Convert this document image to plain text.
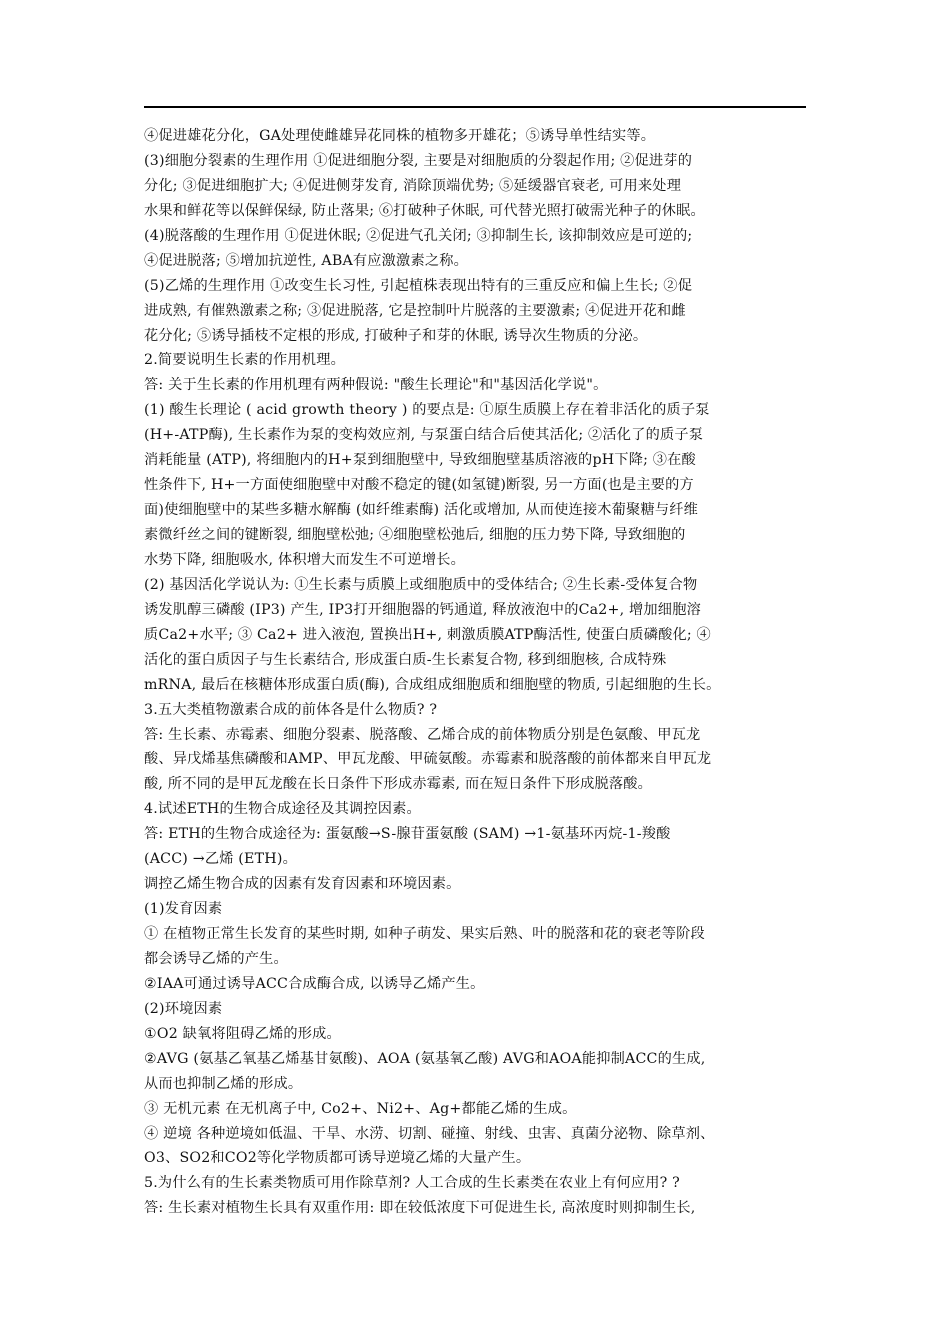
④促进雄花分化，GA处理使雌雄异花同株的植物多开雄花；⑤诱导单性结实等。
(3)细胞分裂素的生理作用 ①促进细胞分裂, 主要是对细胞质的分裂起作用; ②促进芽的
分化; ③促进细胞扩大; ④促进侧芽发育, 消除顶端优势; ⑤延缓器官衰老, 可用来处理
水果和鲜花等以保鲜保绿, 防止落果; ⑥打破种子休眠, 可代替光照打破需光种子的休眠。
(4)脱落酸的生理作用 ①促进休眠; ②促进气孔关闭; ③抑制生长, 该抑制效应是可逆的;
④促进脱落; ⑤增加抗逆性, ABA有应激激素之称。
(5)乙烯的生理作用 ①改变生长习性, 引起植株表现出特有的三重反应和偏上生长; ②促
进成熟, 有催熟激素之称; ③促进脱落, 它是控制叶片脱落的主要激素; ④促进开花和雌
花分化; ⑤诱导插枝不定根的形成, 打破种子和芽的休眠, 诱导次生物质的分泌。
2.简要说明生长素的作用机理。
答: 关于生长素的作用机理有两种假说: "酸生长理论"和"基因活化学说"。
(1) 酸生长理论 ( acid growth theory ) 的要点是: ①原生质膜上存在着非活化的质子泵
(H+-ATP酶), 生长素作为泵的变构效应剂, 与泵蛋白结合后使其活化; ②活化了的质子泵
消耗能量 (ATP), 将细胞内的H+泵到细胞壁中, 导致细胞壁基质溶液的pH下降; ③在酸
性条件下, H+一方面使细胞壁中对酸不稳定的键(如氢键)断裂, 另一方面(也是主要的方
面)使细胞壁中的某些多糖水解酶 (如纤维素酶) 活化或增加, 从而使连接木葡聚糖与纤维
素微纤丝之间的键断裂, 细胞壁松弛; ④细胞壁松弛后, 细胞的压力势下降, 导致细胞的
水势下降, 细胞吸水, 体积增大而发生不可逆增长。
(2) 基因活化学说认为: ①生长素与质膜上或细胞质中的受体结合; ②生长素-受体复合物
诱发肌醇三磷酸 (IP3) 产生, IP3打开细胞器的钙通道, 释放液泡中的Ca2+, 增加细胞溶
质Ca2+水平; ③ Ca2+ 进入液泡, 置换出H+, 刺激质膜ATP酶活性, 使蛋白质磷酸化; ④
活化的蛋白质因子与生长素结合, 形成蛋白质-生长素复合物, 移到细胞核, 合成特殊
mRNA, 最后在核糖体形成蛋白质(酶), 合成组成细胞质和细胞壁的物质, 引起细胞的生长。
3.五大类植物激素合成的前体各是什么物质? ?
答: 生长素、赤霉素、细胞分裂素、脱落酸、乙烯合成的前体物质分别是色氨酸、甲瓦龙
酸、异戊烯基焦磷酸和AMP、甲瓦龙酸、甲硫氨酸。赤霉素和脱落酸的前体都来自甲瓦龙
酸, 所不同的是甲瓦龙酸在长日条件下形成赤霉素, 而在短日条件下形成脱落酸。
4.试述ETH的生物合成途径及其调控因素。
答: ETH的生物合成途径为: 蛋氨酸→S-腺苷蛋氨酸 (SAM) →1-氨基环丙烷-1-羧酸
(ACC) →乙烯 (ETH)。
调控乙烯生物合成的因素有发育因素和环境因素。
(1)发育因素
① 在植物正常生长发育的某些时期, 如种子萌发、果实后熟、叶的脱落和花的衰老等阶段
都会诱导乙烯的产生。
②IAA可通过诱导ACC合成酶合成, 以诱导乙烯产生。
(2)环境因素
①O2 缺氧将阻碍乙烯的形成。
②AVG (氨基乙氧基乙烯基甘氨酸)、AOA (氨基氧乙酸) AVG和AOA能抑制ACC的生成,
从而也抑制乙烯的形成。
③ 无机元素 在无机离子中, Co2+、Ni2+、Ag+都能乙烯的生成。
④ 逆境 各种逆境如低温、干旱、水涝、切割、碰撞、射线、虫害、真菌分泌物、除草剂、
O3、SO2和CO2等化学物质都可诱导逆境乙烯的大量产生。
5.为什么有的生长素类物质可用作除草剂? 人工合成的生长素类在农业上有何应用? ?
答: 生长素对植物生长具有双重作用: 即在较低浓度下可促进生长, 高浓度时则抑制生长,
